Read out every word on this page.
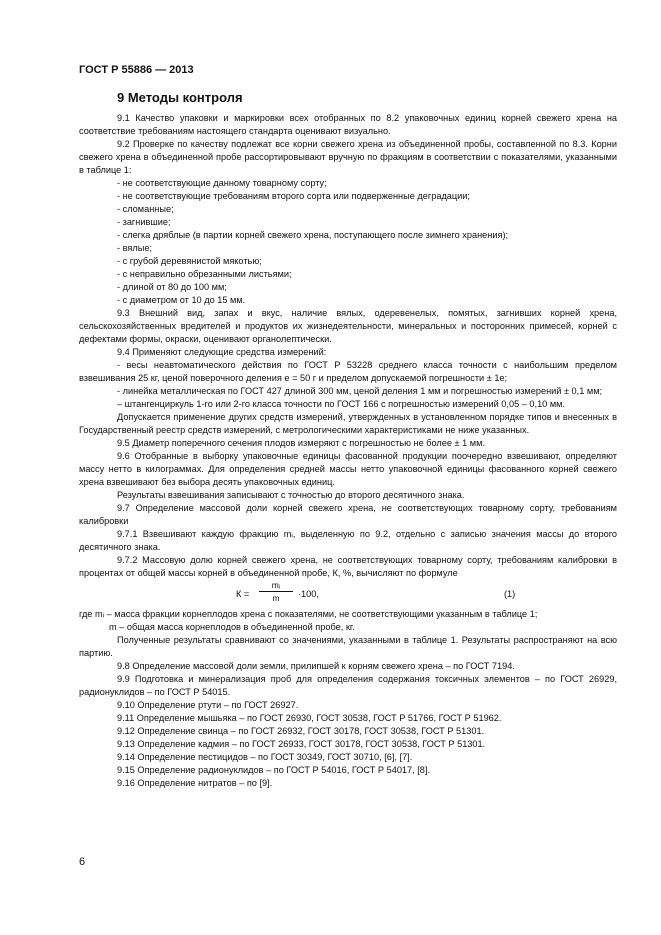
ГОСТ Р 55886 — 2013
9 Методы контроля

9.1 Качество упаковки и маркировки всех отобранных по 8.2 упаковочных единиц корней свежего хрена на соответствие требованиям настоящего стандарта оценивают визуально.

9.2 Проверке по качеству подлежат все корни свежего хрена из объединенной пробы, составленной по 8.3. Корни свежего хрена в объединенной пробе рассортировывают вручную по фракциям в соответствии с показателями, указанными в таблице 1:

- не соответствующие данному товарному сорту;

- не соответствующие требованиям второго сорта или подверженные деградации;

- сломанные;

- загнившие;

- слегка дряблые (в партии корней свежего хрена, поступающего после зимнего хранения);

- вялые;

- с грубой деревянистой мякотью;

- с неправильно обрезанными листьями;

- длиной от 80 до 100 мм;

- с диаметром от 10 до 15 мм.

9.3 Внешний вид, запах и вкус, наличие вялых, одеревенелых, помятых, загнивших корней хрена, сельскохозяйственных вредителей и продуктов их жизнедеятельности, минеральных и посторонних примесей, корней с дефектами формы, окраски, оценивают органолептически.

9.4 Применяют следующие средства измерений:

- весы неавтоматического действия по ГОСТ Р 53228 среднего класса точности с наибольшим пределом взвешивания 25 кг, ценой поверочного деления е = 50 г и пределом допускаемой погрешности ± 1е;

- линейка металлическая по ГОСТ 427 длиной 300 мм, ценой деления 1 мм и погрешностью измерений ± 0,1 мм;

– штангенциркуль 1-го или 2-го класса точности по ГОСТ 166 с погрешностью измерений 0,05 – 0,10 мм.

Допускается применение других средств измерений, утвержденных в установленном порядке типов и внесенных в Государственный реестр средств измерений, с метрологическими характеристиками не ниже указанных.

9.5 Диаметр поперечного сечения плодов измеряют с погрешностью не более ± 1 мм.

9.6 Отобранные в выборку упаковочные единицы фасованной продукции поочередно взвешивают, определяют массу нетто в килограммах. Для определения средней массы нетто упаковочной единицы фасованного корней свежего хрена взвешивают без выбора десять упаковочных единиц.

Результаты взвешивания записывают с точностью до второго десятичного знака.

9.7 Определение массовой доли корней свежего хрена, не соответствующих товарному сорту, требованиям калибровки

9.7.1 Взвешивают каждую фракцию mᵢ, выделенную по 9.2, отдельно с записью значения массы до второго десятичного знака.

9.7.2 Массовую долю корней свежего хрена, не соответствующих товарному сорту, требованиям калибровки в процентах от общей массы корней в объединенной пробе, К, %, вычисляют по формуле

К =
mᵢ
m	·100,	(1)

где mᵢ – масса фракции корнеплодов хрена с показателями, не соответствующими указанным в таблице 1;

m – общая масса корнеплодов в объединенной пробе, кг.

Полученные результаты сравнивают со значениями, указанными в таблице 1. Результаты распространяют на всю партию.

9.8 Определение массовой доли земли, прилипшей к корням свежего хрена – по ГОСТ 7194.

9.9 Подготовка и минерализация проб для определения содержания токсичных элементов – по ГОСТ 26929, радионуклидов – по ГОСТ Р 54015.

9.10 Определение ртути – по ГОСТ 26927.

9.11 Определение мышьяка – по ГОСТ 26930, ГОСТ 30538, ГОСТ Р 51766, ГОСТ Р 51962.

9.12 Определение свинца – по ГОСТ 26932, ГОСТ 30178, ГОСТ 30538, ГОСТ Р 51301.

9.13 Определение кадмия – по ГОСТ 26933, ГОСТ 30178, ГОСТ 30538, ГОСТ Р 51301.

9.14 Определение пестицидов – по ГОСТ 30349, ГОСТ 30710, [6], [7].

9.15 Определение радионуклидов – по ГОСТ Р 54016, ГОСТ Р 54017, [8].

9.16 Определение нитратов – по [9].

6
